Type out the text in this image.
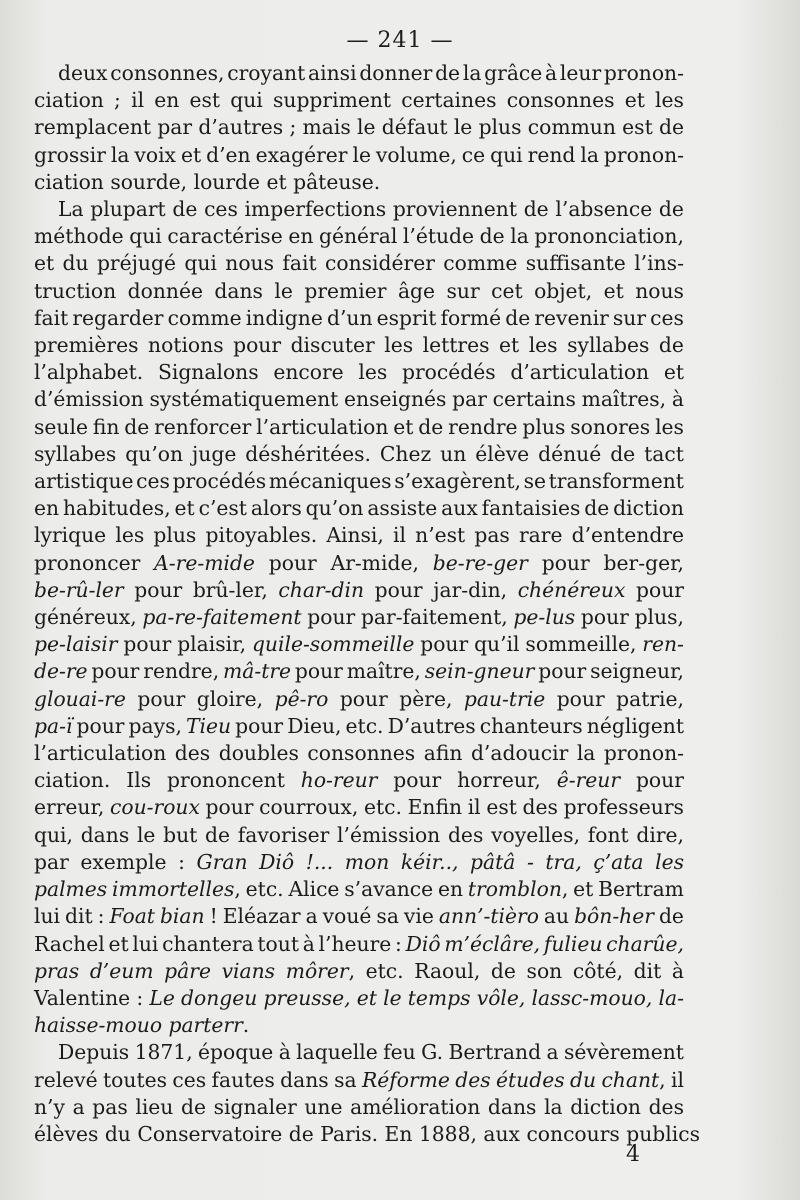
— 241 —
deux consonnes, croyant ainsi donner de la grâce à leur pronon-
ciation ; il en est qui suppriment certaines consonnes et les
remplacent par d’autres ; mais le défaut le plus commun est de
grossir la voix et d’en exagérer le volume, ce qui rend la pronon-
ciation sourde, lourde et pâteuse.
La plupart de ces imperfections proviennent de l’absence de
méthode qui caractérise en général l’étude de la prononciation,
et du préjugé qui nous fait considérer comme suffisante l’ins-
truction donnée dans le premier âge sur cet objet, et nous
fait regarder comme indigne d’un esprit formé de revenir sur ces
premières notions pour discuter les lettres et les syllabes de
l’alphabet. Signalons encore les procédés d’articulation et
d’émission systématiquement enseignés par certains maîtres, à
seule fin de renforcer l’articulation et de rendre plus sonores les
syllabes qu’on juge déshéritées. Chez un élève dénué de tact
artistique ces procédés mécaniques s’exagèrent, se transforment
en habitudes, et c’est alors qu’on assiste aux fantaisies de diction
lyrique les plus pitoyables. Ainsi, il n’est pas rare d’entendre
prononcer A-re-mide pour Ar-mide, be-re-ger pour ber-ger,
be-rû-ler pour brû-ler, char-din pour jar-din, chénéreux pour
généreux, pa-re-faitement pour par-faitement, pe-lus pour plus,
pe-laisir pour plaisir, quile-sommeille pour qu’il sommeille, ren-
de-re pour rendre, mâ-tre pour maître, sein-gneur pour seigneur,
glouai-re pour gloire, pê-ro pour père, pau-trie pour patrie,
pa-ï pour pays, Tieu pour Dieu, etc. D’autres chanteurs négligent
l’articulation des doubles consonnes afin d’adoucir la pronon-
ciation. Ils prononcent ho-reur pour horreur, ê-reur pour
erreur, cou-roux pour courroux, etc. Enfin il est des professeurs
qui, dans le but de favoriser l’émission des voyelles, font dire,
par exemple : Gran Diô !... mon kéir.., pâtâ - tra, ç’ata les
palmes immortelles, etc. Alice s’avance en tromblon, et Bertram
lui dit : Foat bian ! Eléazar a voué sa vie ann’-tièro au bôn-her de
Rachel et lui chantera tout à l’heure : Diô m’éclâre, fulieu charûe,
pras d’eum pâre vians môrer, etc. Raoul, de son côté, dit à
Valentine : Le dongeu preusse, et le temps vôle, lassc-mouo, la-
haisse-mouo parterr.
Depuis 1871, époque à laquelle feu G. Bertrand a sévèrement
relevé toutes ces fautes dans sa Réforme des études du chant, il
n’y a pas lieu de signaler une amélioration dans la diction des
élèves du Conservatoire de Paris. En 1888, aux concours publics
4
